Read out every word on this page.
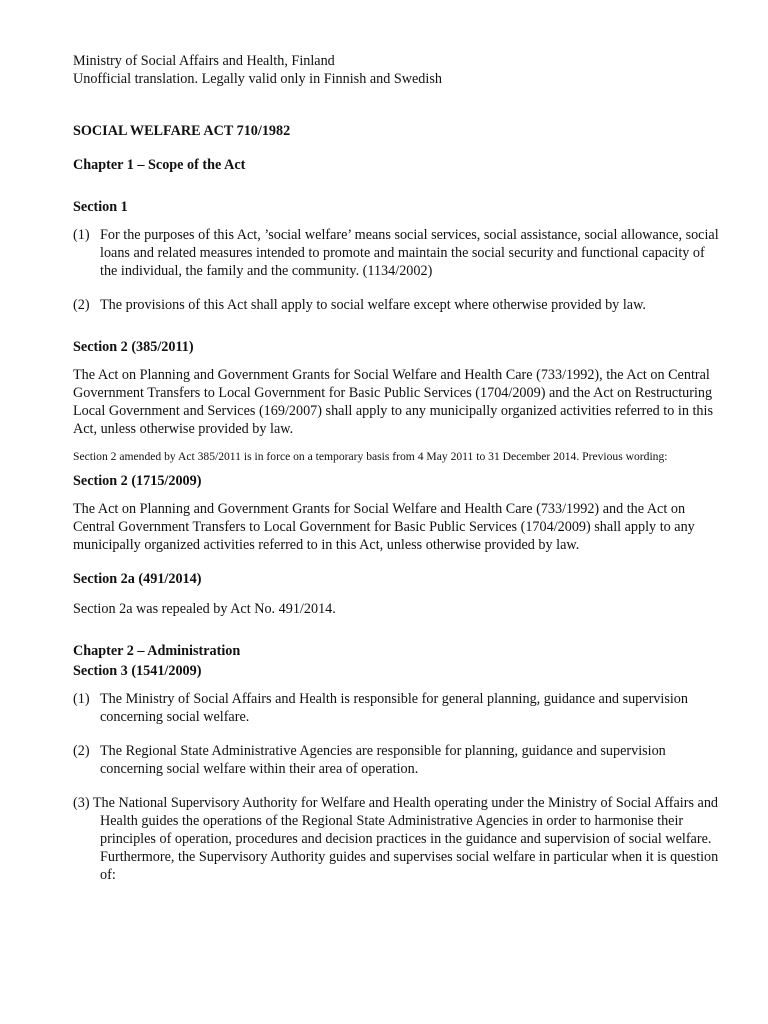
Ministry of Social Affairs and Health, Finland

Unofficial translation. Legally valid only in Finnish and Swedish

SOCIAL WELFARE ACT 710/1982

Chapter 1 – Scope of the Act

Section 1

(1) For the purposes of this Act, ’social welfare’ means social services, social assistance, social allowance, social loans and related measures intended to promote and maintain the social security and functional capacity of the individual, the family and the community. (1134/2002)
(2) The provisions of this Act shall apply to social welfare except where otherwise provided by law.

Section 2 (385/2011)

The Act on Planning and Government Grants for Social Welfare and Health Care (733/1992), the Act on Central Government Transfers to Local Government for Basic Public Services (1704/2009) and the Act on Restructuring Local Government and Services (169/2007) shall apply to any municipally organized activities referred to in this Act, unless otherwise provided by law.

Section 2 amended by Act 385/2011 is in force on a temporary basis from 4 May 2011 to 31 December 2014. Previous wording:

Section 2 (1715/2009)

The Act on Planning and Government Grants for Social Welfare and Health Care (733/1992) and the Act on Central Government Transfers to Local Government for Basic Public Services (1704/2009) shall apply to any municipally organized activities referred to in this Act, unless otherwise provided by law.

Section 2a (491/2014)

Section 2a was repealed by Act No. 491/2014.

Chapter 2 – Administration

Section 3 (1541/2009)

(1) The Ministry of Social Affairs and Health is responsible for general planning, guidance and supervision concerning social welfare.
(2) The Regional State Administrative Agencies are responsible for planning, guidance and supervision concerning social welfare within their area of operation.

(3) The National Supervisory Authority for Welfare and Health operating under the Ministry of Social Affairs and Health guides the operations of the Regional State Administrative Agencies in order to harmonise their principles of operation, procedures and decision practices in the guidance and supervision of social welfare. Furthermore, the Supervisory Authority guides and supervises social welfare in particular when it is question of:
